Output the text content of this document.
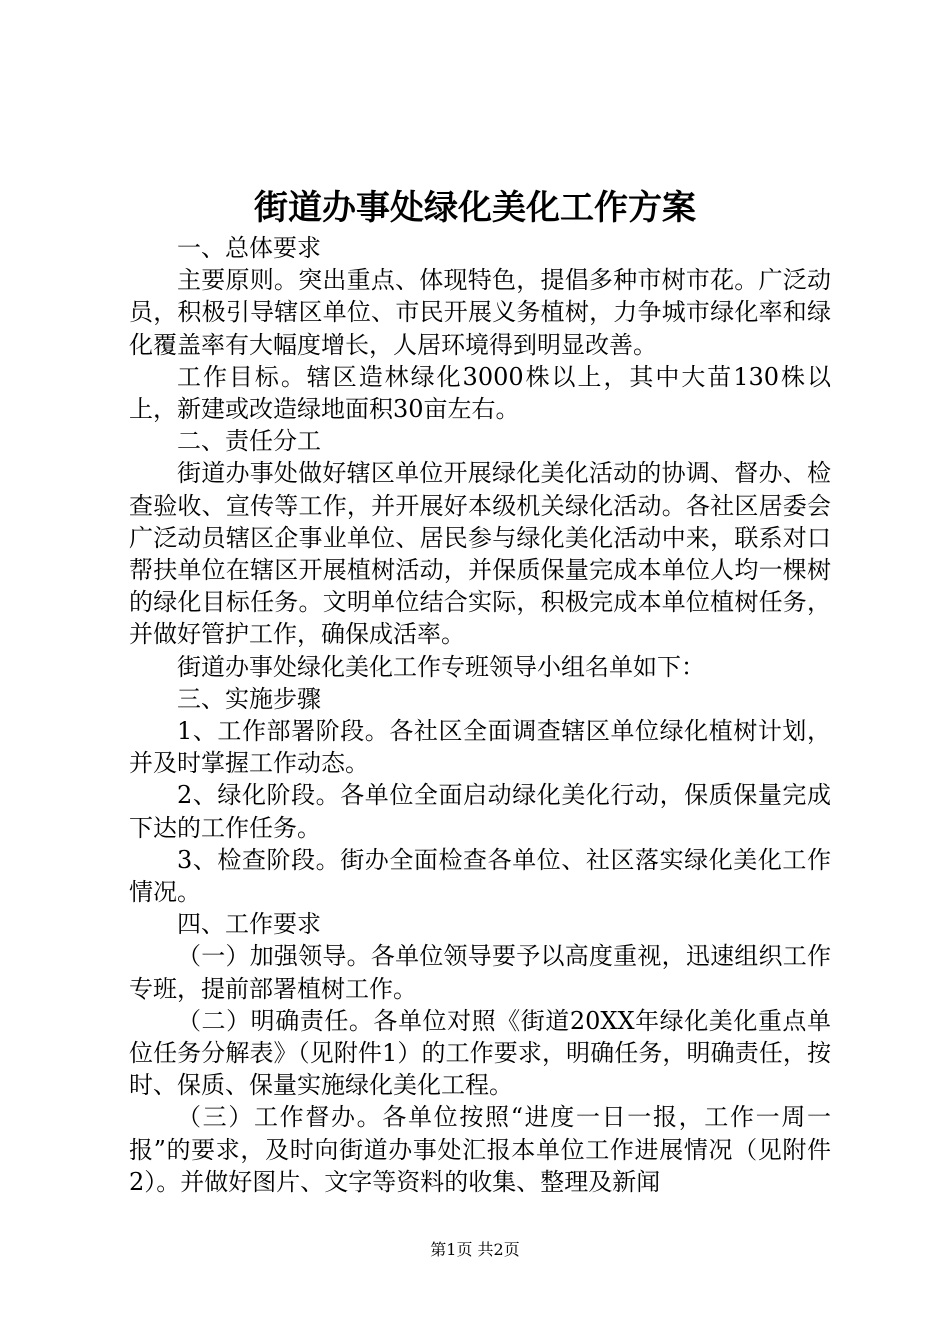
街道办事处绿化美化工作方案

一、总体要求

主要原则。突出重点、体现特色，提倡多种市树市花。广泛动员，积极引导辖区单位、市民开展义务植树，力争城市绿化率和绿化覆盖率有大幅度增长，人居环境得到明显改善。

工作目标。辖区造林绿化3000株以上，其中大苗130株以上，新建或改造绿地面积30亩左右。

二、责任分工

街道办事处做好辖区单位开展绿化美化活动的协调、督办、检查验收、宣传等工作，并开展好本级机关绿化活动。各社区居委会广泛动员辖区企事业单位、居民参与绿化美化活动中来，联系对口帮扶单位在辖区开展植树活动，并保质保量完成本单位人均一棵树的绿化目标任务。文明单位结合实际，积极完成本单位植树任务，并做好管护工作，确保成活率。

街道办事处绿化美化工作专班领导小组名单如下：

三、实施步骤

1、工作部署阶段。各社区全面调查辖区单位绿化植树计划，并及时掌握工作动态。

2、绿化阶段。各单位全面启动绿化美化行动，保质保量完成下达的工作任务。

3、检查阶段。街办全面检查各单位、社区落实绿化美化工作情况。

四、工作要求

（一）加强领导。各单位领导要予以高度重视，迅速组织工作专班，提前部署植树工作。

（二）明确责任。各单位对照《街道20XX年绿化美化重点单位任务分解表》（见附件1）的工作要求，明确任务，明确责任，按时、保质、保量实施绿化美化工程。

（三）工作督办。各单位按照“进度一日一报，工作一周一报”的要求，及时向街道办事处汇报本单位工作进展情况（见附件2）。并做好图片、文字等资料的收集、整理及新闻

第1页 共2页
